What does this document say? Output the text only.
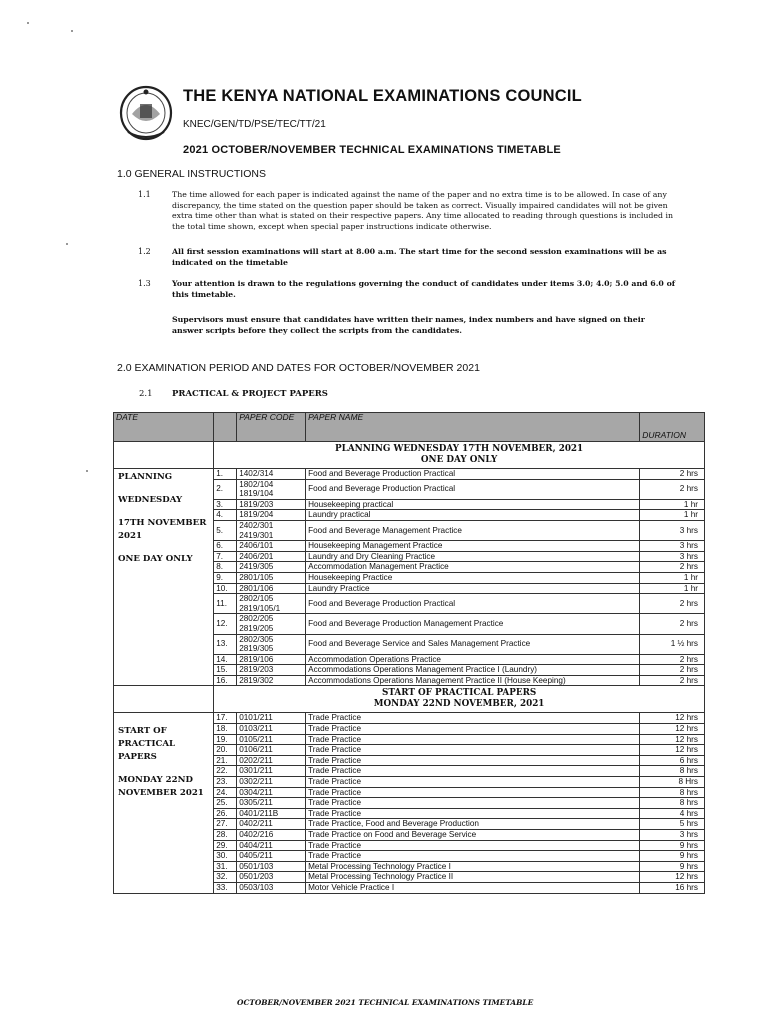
THE KENYA NATIONAL EXAMINATIONS COUNCIL
KNEC/GEN/TD/PSE/TEC/TT/21
2021 OCTOBER/NOVEMBER TECHNICAL EXAMINATIONS TIMETABLE
1.0 GENERAL INSTRUCTIONS
1.1	The time allowed for each paper is indicated against the name of the paper and no extra time is to be allowed. In case of any discrepancy, the time stated on the question paper should be taken as correct. Visually impaired candidates will not be given extra time other than what is stated on their respective papers. Any time allocated to reading through questions is included in the total time shown, except when special paper instructions indicate otherwise.
1.2	All first session examinations will start at 8.00 a.m. The start time for the second session examinations will be as indicated on the timetable
1.3	Your attention is drawn to the regulations governing the conduct of candidates under items 3.0; 4.0; 5.0 and 6.0 of this timetable.
Supervisors must ensure that candidates have written their names, index numbers and have signed on their answer scripts before they collect the scripts from the candidates.
2.0 EXAMINATION PERIOD AND DATES FOR OCTOBER/NOVEMBER 2021
2.1 PRACTICAL & PROJECT PAPERS
DATE		PAPER CODE	PAPER NAME	DURATION

	PLANNING WEDNESDAY 17TH NOVEMBER, 2021
ONE DAY ONLY			

PLANNING
WEDNESDAY
17TH NOVEMBER 2021
ONE DAY ONLY	1.	1402/314	Food and Beverage Production Practical	2 hrs
	2.	1802/104
1819/104	Food and Beverage Production Practical	2 hrs
	3.	1819/203	Housekeeping practical	1 hr
	4.	1819/204	Laundry practical	1 hr
	5.	2402/301
2419/301	Food and Beverage Management Practice	3 hrs
	6.	2406/101	Housekeeping Management Practice	3 hrs
	7.	2406/201	Laundry and Dry Cleaning Practice	3 hrs
	8.	2419/305	Accommodation Management Practice	2 hrs
	9.	2801/105	Housekeeping Practice	1 hr
	10.	2801/106	Laundry Practice	1 hr
	11.	2802/105
2819/105/1	Food and Beverage Production Practical	2 hrs
	12.	2802/205
2819/205	Food and Beverage Production Management Practice	2 hrs
	13.	2802/305
2819/305	Food and Beverage Service and Sales Management Practice	1 ½ hrs
	14.	2819/106	Accommodation Operations Practice	2 hrs
	15.	2819/203	Accommodations Operations Management Practice I (Laundry)	2 hrs
	16.	2819/302	Accommodations Operations Management Practice II (House Keeping)	2 hrs

	START OF PRACTICAL PAPERS
MONDAY 22ND NOVEMBER, 2021			

START OF PRACTICAL PAPERS
MONDAY 22ND NOVEMBER 2021	17.	0101/211	Trade Practice	12 hrs
	18.	0103/211	Trade Practice	12 hrs
	19.	0105/211	Trade Practice	12 hrs
	20.	0106/211	Trade Practice	12 hrs
	21.	0202/211	Trade Practice	6 hrs
	22.	0301/211	Trade Practice	8 hrs
	23.	0302/211	Trade Practice	8 Hrs
	24.	0304/211	Trade Practice	8 hrs
	25.	0305/211	Trade Practice	8 hrs
	26.	0401/211B	Trade Practice	4 hrs
	27.	0402/211	Trade Practice, Food and Beverage Production	5 hrs
	28.	0402/216	Trade Practice on Food and Beverage Service	3 hrs
	29.	0404/211	Trade Practice	9 hrs
	30.	0405/211	Trade Practice	9 hrs
	31.	0501/103	Metal Processing Technology Practice I	9 hrs
	32.	0501/203	Metal Processing Technology Practice II	12 hrs
	33.	0503/103	Motor Vehicle Practice I	16 hrs
OCTOBER/NOVEMBER 2021 TECHNICAL EXAMINATIONS TIMETABLE
